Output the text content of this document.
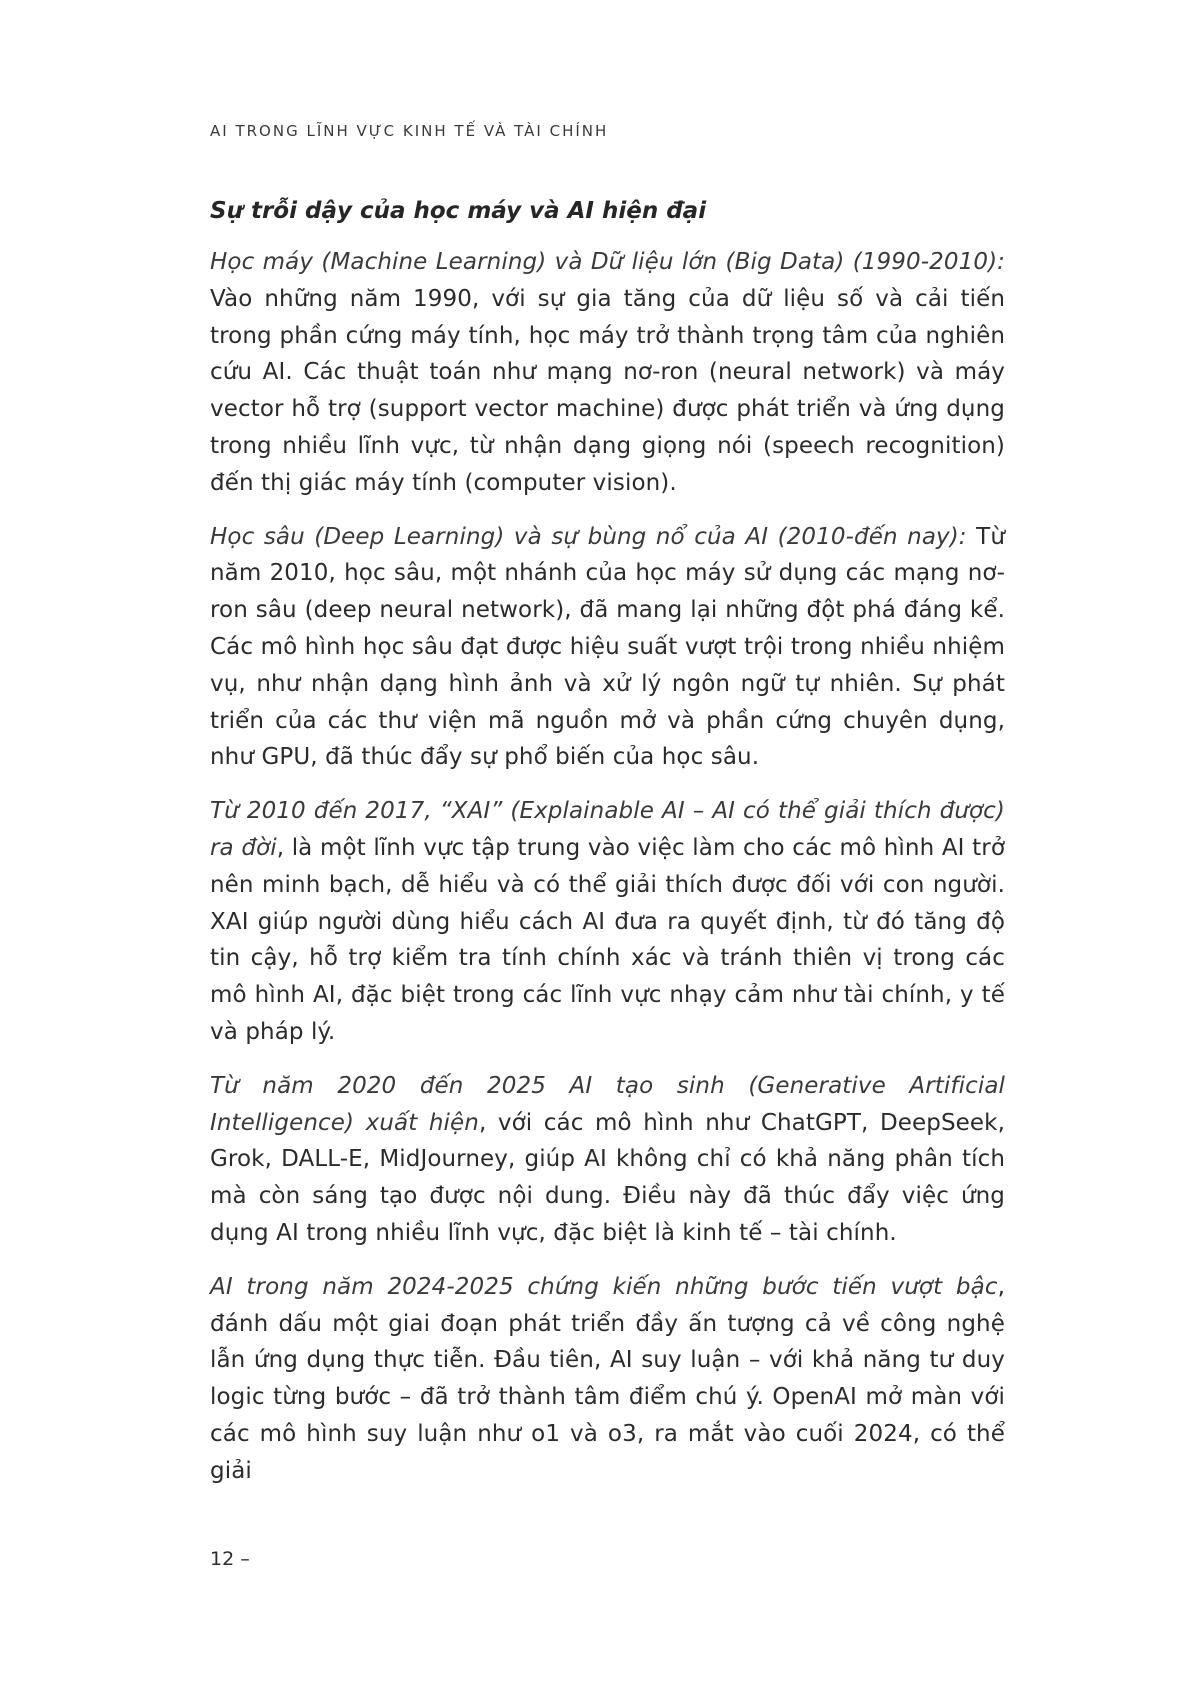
AI TRONG LĨNH VỰC KINH TẾ VÀ TÀI CHÍNH
Sự trỗi dậy của học máy và AI hiện đại

Học máy (Machine Learning) và Dữ liệu lớn (Big Data) (1990-2010): Vào những năm 1990, với sự gia tăng của dữ liệu số và cải tiến trong phần cứng máy tính, học máy trở thành trọng tâm của nghiên cứu AI. Các thuật toán như mạng nơ-ron (neural network) và máy vector hỗ trợ (support vector machine) được phát triển và ứng dụng trong nhiều lĩnh vực, từ nhận dạng giọng nói (speech recognition) đến thị giác máy tính (computer vision).

Học sâu (Deep Learning) và sự bùng nổ của AI (2010-đến nay): Từ năm 2010, học sâu, một nhánh của học máy sử dụng các mạng nơ-ron sâu (deep neural network), đã mang lại những đột phá đáng kể. Các mô hình học sâu đạt được hiệu suất vượt trội trong nhiều nhiệm vụ, như nhận dạng hình ảnh và xử lý ngôn ngữ tự nhiên. Sự phát triển của các thư viện mã nguồn mở và phần cứng chuyên dụng, như GPU, đã thúc đẩy sự phổ biến của học sâu.

Từ 2010 đến 2017, “XAI” (Explainable AI – AI có thể giải thích được) ra đời, là một lĩnh vực tập trung vào việc làm cho các mô hình AI trở nên minh bạch, dễ hiểu và có thể giải thích được đối với con người. XAI giúp người dùng hiểu cách AI đưa ra quyết định, từ đó tăng độ tin cậy, hỗ trợ kiểm tra tính chính xác và tránh thiên vị trong các mô hình AI, đặc biệt trong các lĩnh vực nhạy cảm như tài chính, y tế và pháp lý.

Từ năm 2020 đến 2025 AI tạo sinh (Generative Artificial Intelligence) xuất hiện, với các mô hình như ChatGPT, DeepSeek, Grok, DALL-E, MidJourney, giúp AI không chỉ có khả năng phân tích mà còn sáng tạo được nội dung. Điều này đã thúc đẩy việc ứng dụng AI trong nhiều lĩnh vực, đặc biệt là kinh tế – tài chính.

AI trong năm 2024-2025 chứng kiến những bước tiến vượt bậc, đánh dấu một giai đoạn phát triển đầy ấn tượng cả về công nghệ lẫn ứng dụng thực tiễn. Đầu tiên, AI suy luận – với khả năng tư duy logic từng bước – đã trở thành tâm điểm chú ý. OpenAI mở màn với các mô hình suy luận như o1 và o3, ra mắt vào cuối 2024, có thể giải

12 –
